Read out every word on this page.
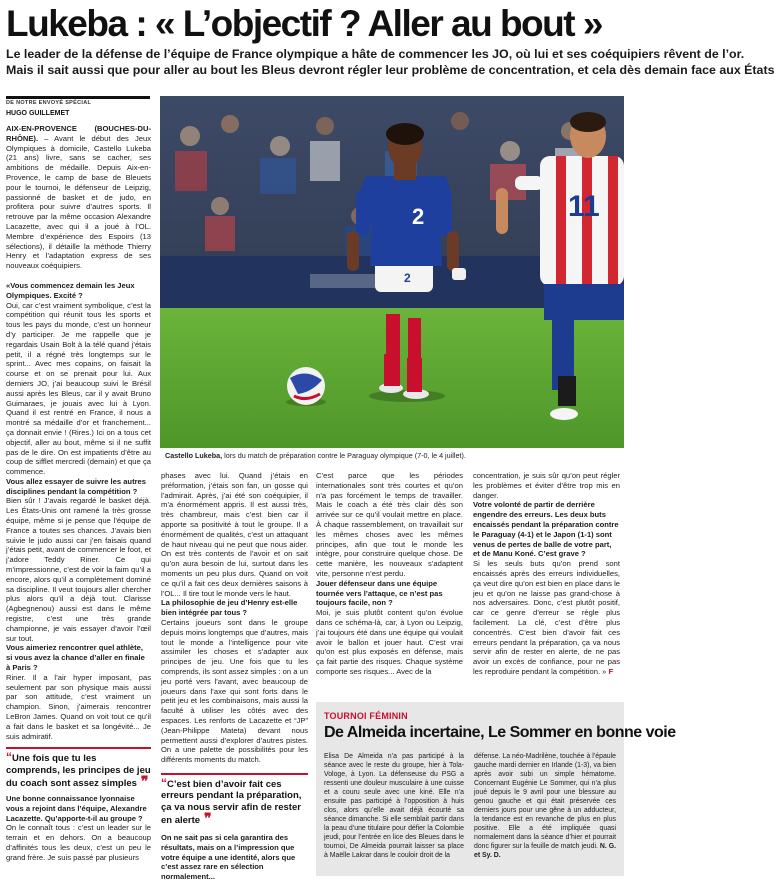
Lukeba : « L’objectif ? Aller au bout »
Le leader de la défense de l’équipe de France olympique a hâte de commencer les JO, où lui et ses coéquipiers rêvent de l’or.
Mais il sait aussi que pour aller au bout les Bleus devront régler leur problème de concentration, et cela dès demain face aux États
DE NOTRE ENVOYÉ SPÉCIAL
HUGO GUILLEMET

AIX-EN-PROVENCE (BOUCHES-DU-RHÔNE). – Avant le début des Jeux Olympiques à domicile, Castello Lukeba (21 ans) livre, sans se cacher, ses ambitions de médaille. Depuis Aix-en-Provence, le camp de base de Bleuets pour le tournoi, le défenseur de Leipzig, passionné de basket et de judo, en profitera pour suivre d’autres sports. Il retrouve par la même occasion Alexandre Lacazette, avec qui il a joué à l’OL. Membre d’expérience des Espoirs (13 sélections), il détaille la méthode Thierry Henry et l’adaptation express de ses nouveaux coéquipiers.

«Vous commencez demain les Jeux Olympiques. Excité ?

Oui, car c’est vraiment symbolique, c’est la compétition qui réunit tous les sports et tous les pays du monde, c’est un honneur d’y participer. Je me rappelle que je regardais Usain Bolt à la télé quand j’étais petit, il a régné très longtemps sur le sprint... Avec mes copains, on faisait la course et on se prenait pour lui. Aux derniers JO, j’ai beaucoup suivi le Brésil aussi après les Bleus, car il y avait Bruno Guimaraes, je jouais avec lui à Lyon. Quand il est rentré en France, il nous a montré sa médaille d’or et franchement... ça donnait envie ! (Rires.) Ici on a tous cet objectif, aller au bout, même si il ne suffit pas de le dire. On est impatients d’être au coup de sifflet mercredi (demain) et que ça commence.

Vous allez essayer de suivre les autres disciplines pendant la compétition ?

Bien sûr ! J’avais regardé le basket déjà. Les États-Unis ont ramené la très grosse équipe, même si je pense que l’équipe de France a toutes ses chances. J’avais bien suivie le judo aussi car j’en faisais quand j’étais petit, avant de commencer le foot, et j’adore Teddy Riner. Ce qui m’impressionne, c’est de voir la faim qu’il a encore, alors qu’il a complètement dominé sa discipline. Il veut toujours aller chercher plus alors qu’il a déjà tout. Clarisse (Agbegnenou) aussi est dans le même registre, c’est une très grande championne, je vais essayer d’avoir l’œil sur tout.

Vous aimeriez rencontrer quel athlète, si vous avez la chance d’aller en finale à Paris ?

Riner. Il a l’air hyper imposant, pas seulement par son physique mais aussi par son attitude, c’est vraiment un champion. Sinon, j’aimerais rencontrer LeBron James. Quand on voit tout ce qu’il a fait dans le basket et sa longévité... Je suis admiratif.

“Une fois que tu les comprends, les principes de jeu du coach sont assez simples ❞

Une bonne connaissance lyonnaise vous a rejoint dans l’équipe, Alexandre Lacazette. Qu’apporte-t-il au groupe ?

On le connaît tous : c’est un leader sur le terrain et en dehors. On a beaucoup d’affinités tous les deux, c’est un peu le grand frère. Je suis passé par plusieurs

2
2
11
Castello Lukeba, lors du match de préparation contre le Paraguay olympique (7-0, le 4 juillet).

phases avec lui. Quand j’étais en préformation, j’étais son fan, un gosse qui l’admirait. Après, j’ai été son coéquipier, il m’a énormément appris. Il est aussi très, très chambreur, mais c’est bien car il apporte sa positivité à tout le groupe. Il a énormément de qualités, c’est un attaquant de haut niveau qui ne peut que nous aider. On est très contents de l’avoir et on sait qu’on aura besoin de lui, surtout dans les moments un peu plus durs. Quand on voit ce qu’il a fait ces deux dernières saisons à l’OL... Il tire tout le monde vers le haut.

La philosophie de jeu d’Henry est-elle bien intégrée par tous ?

Certains joueurs sont dans le groupe depuis moins longtemps que d’autres, mais tout le monde a l’intelligence pour vite assimiler les choses et s’adapter aux principes de jeu. Une fois que tu les comprends, ils sont assez simples : on a un jeu porté vers l’avant, avec beaucoup de joueurs dans l’axe qui sont forts dans le petit jeu et les combinaisons, mais aussi la faculté à utiliser les côtés avec des espaces. Les renforts de Lacazette et “JP” (Jean-Philippe Mateta) devant nous permettent aussi d’explorer d’autres pistes. On a une palette de possibilités pour les différents moments du match.

“C’est bien d’avoir fait ces erreurs pendant la préparation, ça va nous servir afin de rester en alerte ❞

On ne sait pas si cela garantira des résultats, mais on a l’impression que votre équipe a une identité, alors que c’est assez rare en sélection normalement...

C’est parce que les périodes internationales sont très courtes et qu’on n’a pas forcément le temps de travailler. Mais le coach a été très clair dès son arrivée sur ce qu’il voulait mettre en place. À chaque rassemblement, on travaillait sur les mêmes choses avec les mêmes principes, afin que tout le monde les intègre, pour construire quelque chose. De cette manière, les nouveaux s’adaptent vite, personne n’est perdu.

Jouer défenseur dans une équipe tournée vers l’attaque, ce n’est pas toujours facile, non ?

Moi, je suis plutôt content qu’on évolue dans ce schéma-là, car, à Lyon ou Leipzig, j’ai toujours été dans une équipe qui voulait avoir le ballon et jouer haut. C’est vrai qu’on est plus exposés en défense, mais ça fait partie des risques. Chaque système comporte ses risques... Avec de la

concentration, je suis sûr qu’on peut régler les problèmes et éviter d’être trop mis en danger.

Votre volonté de partir de derrière engendre des erreurs. Les deux buts encaissés pendant la préparation contre le Paraguay (4-1) et le Japon (1-1) sont venus de pertes de balle de votre part, et de Manu Koné. C’est grave ?

Si les seuls buts qu’on prend sont encaissés après des erreurs individuelles, ça veut dire qu’on est bien en place dans le jeu et qu’on ne laisse pas grand-chose à nos adversaires. Donc, c’est plutôt positif, car ce genre d’erreur se règle plus facilement. La clé, c’est d’être plus concentrés. C’est bien d’avoir fait ces erreurs pendant la préparation, ça va nous servir afin de rester en alerte, de ne pas avoir un excès de confiance, pour ne pas les reproduire pendant la compétition. » F

TOURNOI FÉMININ
De Almeida incertaine, Le Sommer en bonne voie

Elisa De Almeida n’a pas participé à la séance avec le reste du groupe, hier à Tola-Vologe, à Lyon. La défenseuse du PSG a ressenti une douleur musculaire à une cuisse et a couru seule avec une kiné. Elle n’a ensuite pas participé à l’opposition à huis clos, alors qu’elle avait déjà écourté sa séance dimanche. Si elle semblait partir dans la peau d’une titulaire pour défier la Colombie jeudi, pour l’entrée en lice des Bleues dans le tournoi, De Almeida pourrait laisser sa place à Maëlle Lakrar dans le couloir droit de la

défense. La néo-Madrilène, touchée à l’épaule gauche mardi dernier en Irlande (1-3), va bien après avoir subi un simple hématome. Concernant Eugénie Le Sommer, qui n’a plus joué depuis le 9 avril pour une blessure au genou gauche et qui était préservée ces derniers jours pour une gêne à un adducteur, la tendance est en revanche de plus en plus positive. Elle a été impliquée quasi normalement dans la séance d’hier et pourrait donc figurer sur la feuille de match jeudi. N. G. et Sy. D.
